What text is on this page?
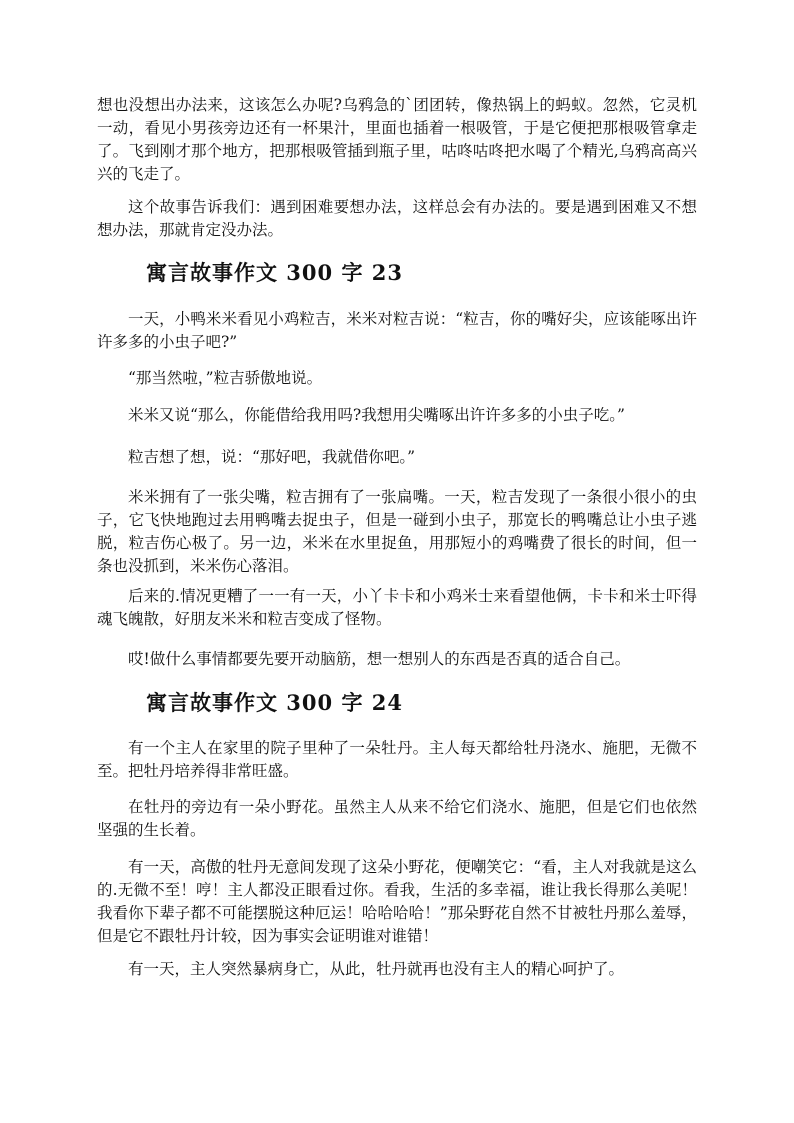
想也没想出办法来，这该怎么办呢?乌鸦急的`团团转，像热锅上的蚂蚁。忽然，它灵机一动，看见小男孩旁边还有一杯果汁，里面也插着一根吸管，于是它便把那根吸管拿走了。飞到刚才那个地方，把那根吸管插到瓶子里，咕咚咕咚把水喝了个精光,乌鸦高高兴兴的飞走了。

这个故事告诉我们：遇到困难要想办法，这样总会有办法的。要是遇到困难又不想想办法，那就肯定没办法。

寓言故事作文 300 字 23

一天，小鸭米米看见小鸡粒吉，米米对粒吉说：“粒吉，你的嘴好尖，应该能啄出许许多多的小虫子吧?”

“那当然啦，”粒吉骄傲地说。

米米又说“那么，你能借给我用吗?我想用尖嘴啄出许许多多的小虫子吃。”

粒吉想了想，说：“那好吧，我就借你吧。”

米米拥有了一张尖嘴，粒吉拥有了一张扁嘴。一天，粒吉发现了一条很小很小的虫子，它飞快地跑过去用鸭嘴去捉虫子，但是一碰到小虫子，那宽长的鸭嘴总让小虫子逃脱，粒吉伤心极了。另一边，米米在水里捉鱼，用那短小的鸡嘴费了很长的时间，但一条也没抓到，米米伤心落泪。

后来的.情况更糟了一一有一天，小丫卡卡和小鸡米士来看望他俩，卡卡和米士吓得魂飞魄散，好朋友米米和粒吉变成了怪物。

哎!做什么事情都要先要开动脑筋，想一想别人的东西是否真的适合自己。

寓言故事作文 300 字 24

有一个主人在家里的院子里种了一朵牡丹。主人每天都给牡丹浇水、施肥，无微不至。把牡丹培养得非常旺盛。

在牡丹的旁边有一朵小野花。虽然主人从来不给它们浇水、施肥，但是它们也依然坚强的生长着。

有一天，高傲的牡丹无意间发现了这朵小野花，便嘲笑它：“看，主人对我就是这么的.无微不至！哼！主人都没正眼看过你。看我，生活的多幸福，谁让我长得那么美呢！我看你下辈子都不可能摆脱这种厄运！哈哈哈哈！”那朵野花自然不甘被牡丹那么羞辱，但是它不跟牡丹计较，因为事实会证明谁对谁错！

有一天，主人突然暴病身亡，从此，牡丹就再也没有主人的精心呵护了。
